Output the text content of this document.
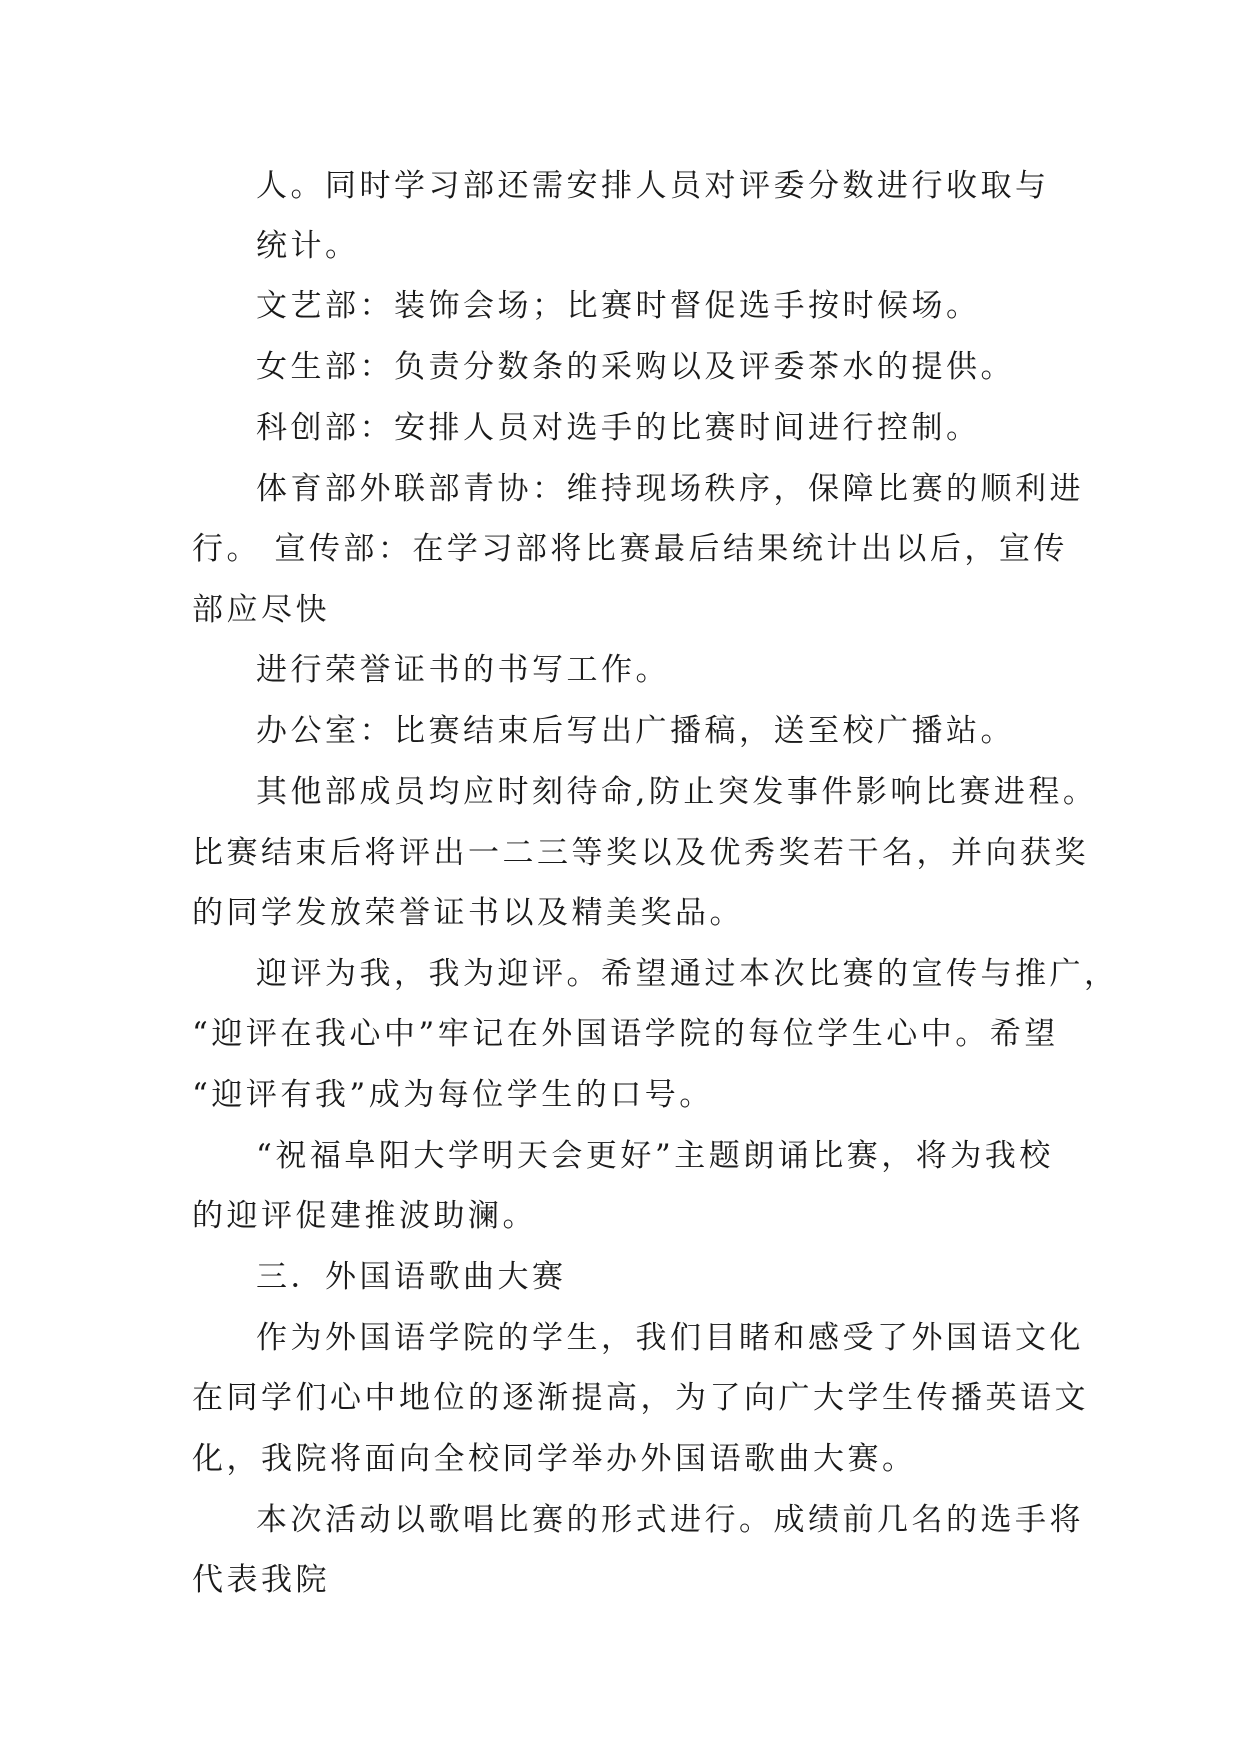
人。同时学习部还需安排人员对评委分数进行收取与
统计。
文艺部：装饰会场；比赛时督促选手按时候场。
女生部：负责分数条的采购以及评委茶水的提供。
科创部：安排人员对选手的比赛时间进行控制。
体育部外联部青协：维持现场秩序，保障比赛的顺利进
行。 宣传部：在学习部将比赛最后结果统计出以后，宣传
部应尽快
进行荣誉证书的书写工作。
办公室：比赛结束后写出广播稿，送至校广播站。
其他部成员均应时刻待命,防止突发事件影响比赛进程。
比赛结束后将评出一二三等奖以及优秀奖若干名，并向获奖
的同学发放荣誉证书以及精美奖品。
迎评为我，我为迎评。希望通过本次比赛的宣传与推广，
“迎评在我心中”牢记在外国语学院的每位学生心中。希望
“迎评有我”成为每位学生的口号。
“祝福阜阳大学明天会更好”主题朗诵比赛，将为我校
的迎评促建推波助澜。
三．外国语歌曲大赛
作为外国语学院的学生，我们目睹和感受了外国语文化
在同学们心中地位的逐渐提高，为了向广大学生传播英语文
化，我院将面向全校同学举办外国语歌曲大赛。
本次活动以歌唱比赛的形式进行。成绩前几名的选手将
代表我院
